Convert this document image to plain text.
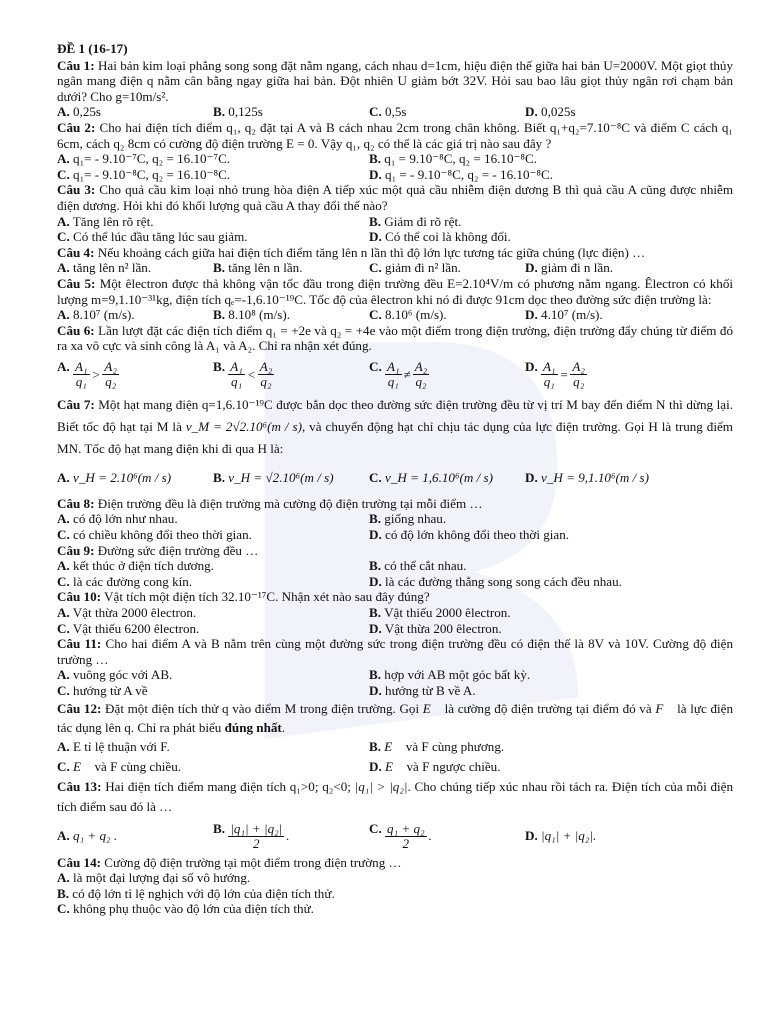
ĐỀ 1 (16-17)
Câu 1: Hai bản kim loại phẳng song song đặt nằm ngang, cách nhau d=1cm, hiệu điện thế giữa hai bản U=2000V. Một giọt thủy ngân mang điện q nằm cân bằng ngay giữa hai bản. Đột nhiên U giảm bớt 32V. Hỏi sau bao lâu giọt thủy ngân rơi chạm bản dưới? Cho g=10m/s².
A. 0,25s	B. 0,125s	C. 0,5s	D. 0,025s
Câu 2: Cho hai điện tích điểm q₁, q₂ đặt tại A và B cách nhau 2cm trong chân không. Biết q₁+q₂=7.10⁻⁸C và điểm C cách q₁ 6cm, cách q₂ 8cm có cường độ điện trường E = 0. Vậy q₁, q₂ có thể là các giá trị nào sau đây ?
A. q₁= - 9.10⁻⁷C, q₂ = 16.10⁻⁷C.	B. q₁ = 9.10⁻⁸C, q₂ = 16.10⁻⁸C.
C. q₁= - 9.10⁻⁸C, q₂ = 16.10⁻⁸C.	D. q₁ = - 9.10⁻⁸C, q₂ = - 16.10⁻⁸C.
Câu 3: Cho quả cầu kim loại nhỏ trung hòa điện A tiếp xúc một quả cầu nhiễm điện dương B thì quả cầu A cũng được nhiễm điện dương. Hỏi khi đó khối lượng quả cầu A thay đổi thế nào?
A. Tăng lên rõ rệt.	B. Giảm đi rõ rệt.
C. Có thể lúc đầu tăng lúc sau giảm.	D. Có thể coi là không đổi.
Câu 4: Nếu khoảng cách giữa hai điện tích điểm tăng lên n lần thì độ lớn lực tương tác giữa chúng (lực điện) …
A. tăng lên n² lần.	B. tăng lên n lần.	C. giảm đi n² lần.	D. giảm đi n lần.
Câu 5: Một êlectron được thả không vận tốc đầu trong điện trường đều E=2.10⁴V/m có phương nằm ngang. Êlectron có khối lượng m=9,1.10⁻³¹kg, điện tích qₑ=-1,6.10⁻¹⁹C. Tốc độ của êlectron khi nó đi được 91cm dọc theo đường sức điện trường là:
A. 8.10⁷ (m/s).	B. 8.10⁸ (m/s).	C. 8.10⁶ (m/s).	D. 4.10⁷ (m/s).
Câu 6: Lần lượt đặt các điện tích điểm q₁ = +2e và q₂ = +4e vào một điểm trong điện trường, điện trường đẩy chúng từ điểm đó ra xa vô cực và sinh công là A₁ và A₂. Chỉ ra nhận xét đúng.
A. A₁
q₁ >
A₂
q₂
B. A₁
q₁ <
A₂
q₂
C. A₁
q₁ ≠
A₂
q₂
D. $\frac{\text{A₁}}{\text{q₁}} = \frac{\text{A₂}}{\text{q₂}}$
Câu 7: Một hạt mang điện q=1,6.10⁻¹⁹C được bắn dọc theo đường sức điện trường đều từ vị trí M bay đến điểm N thì dừng lại. Biết tốc độ hạt tại M là v_M = 2√2.10⁶(m / s), và chuyển động hạt chỉ chịu tác dụng của lực điện trường. Gọi H là trung điểm MN. Tốc độ hạt mang điện khi đi qua H là:
A. v_H = 2.10⁶(m / s)	B. v_H = √2.10⁶(m / s)	C. v_H = 1,6.10⁶(m / s)	D. v_H = 9,1.10⁶(m / s)
Câu 8: Điện trường đều là điện trường mà cường độ điện trường tại mỗi điểm …
A. có độ lớn như nhau.	B. giống nhau.
C. có chiều không đổi theo thời gian.	D. có độ lớn không đổi theo thời gian.
Câu 9: Đường sức điện trường đều …
A. kết thúc ở điện tích dương.	B. có thể cắt nhau.
C. là các đường cong kín.	D. là các đường thẳng song song cách đều nhau.
Câu 10: Vật tích một điện tích 32.10⁻¹⁷C. Nhận xét nào sau đây đúng?
A. Vật thừa 2000 êlectron.	B. Vật thiếu 2000 êlectron.
C. Vật thiếu 6200 êlectron.	D. Vật thừa 200 êlectron.
Câu 11: Cho hai điểm A và B nằm trên cùng một đường sức trong điện trường đều có điện thế là 8V và 10V. Cường độ điện trường …
A. vuông góc với AB.	B. hợp với AB một góc bất kỳ.
C. hướng từ A về	D. hướng từ B về A.
Câu 12: Đặt một điện tích thử q vào điểm M trong điện trường. Gọi E⃗ là cường độ điện trường tại điểm đó và F⃗ là lực điện tác dụng lên q. Chỉ ra phát biểu đúng nhất.
A. E tỉ lệ thuận với F.	B. E⃗ và F cùng phương.
C. E⃗ và F cùng chiều.	D. E⃗ và F ngược chiều.
Câu 13: Hai điện tích điểm mang điện tích q₁>0; q₂<0; |q₁| > |q₂|. Cho chúng tiếp xúc nhau rồi tách ra. Điện tích của mỗi điện tích điểm sau đó là …
A. q₁ + q₂ .	B. |q₁| + |q₂|
2 .
C. q₁ + q₂
2 .	D. |q₁| + |q₂|.
Câu 14: Cường độ điện trường tại một điểm trong điện trường …
A. là một đại lượng đại số vô hướng.
B. có độ lớn tỉ lệ nghịch với độ lớn của điện tích thử.
C. không phụ thuộc vào độ lớn của điện tích thử.
